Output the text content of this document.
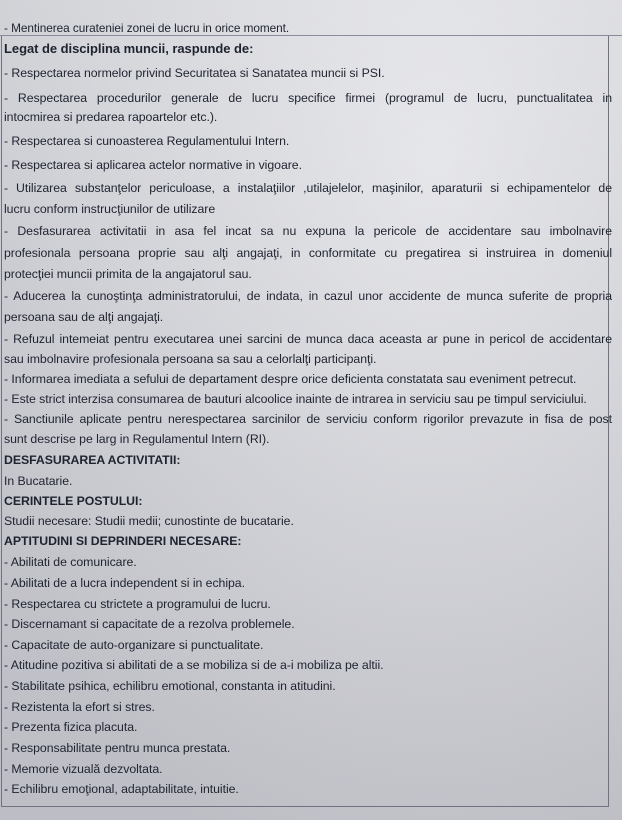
- Mentinerea curateniei zonei de lucru in orice moment.
Legat de disciplina muncii, raspunde de:
- Respectarea normelor privind Securitatea si Sanatatea muncii si PSI.
- Respectarea procedurilor generale de lucru specifice firmei (programul de lucru, punctualitatea in
intocmirea si predarea rapoartelor etc.).
- Respectarea si cunoasterea Regulamentului Intern.
- Respectarea si aplicarea actelor normative in vigoare.
- Utilizarea substanţelor periculoase, a instalaţiilor ,utilajelelor, maşinilor, aparaturii si echipamentelor de
lucru conform instrucţiunilor de utilizare
- Desfasurarea activitatii in asa fel incat sa nu expuna la pericole de accidentare sau imbolnavire
profesionala persoana proprie sau alţi angajaţi, in conformitate cu pregatirea si instruirea in domeniul
protecţiei muncii primita de la angajatorul sau.
- Aducerea la cunoştinţa administratorului, de indata, in cazul unor accidente de munca suferite de propria
persoana sau de alţi angajaţi.
- Refuzul intemeiat pentru executarea unei sarcini de munca daca aceasta ar pune in pericol de accidentare
sau imbolnavire profesionala persoana sa sau a celorlalţi participanţi.
- Informarea imediata a sefului de departament despre orice deficienta constatata sau eveniment petrecut.
- Este strict interzisa consumarea de bauturi alcoolice inainte de intrarea in serviciu sau pe timpul serviciului.
- Sanctiunile aplicate pentru nerespectarea sarcinilor de serviciu conform rigorilor prevazute in fisa de post
sunt descrise pe larg in Regulamentul Intern (RI).
DESFASURAREA ACTIVITATII:
In Bucatarie.
CERINTELE POSTULUI:
Studii necesare: Studii medii; cunostinte de bucatarie.
APTITUDINI SI DEPRINDERI NECESARE:
- Abilitati de comunicare.
- Abilitati de a lucra independent si in echipa.
- Respectarea cu strictete a programului de lucru.
- Discernamant si capacitate de a rezolva problemele.
- Capacitate de auto-organizare si punctualitate.
- Atitudine pozitiva si abilitati de a se mobiliza si de a-i mobiliza pe altii.
- Stabilitate psihica, echilibru emotional, constanta in atitudini.
- Rezistenta la efort si stres.
- Prezenta fizica placuta.
- Responsabilitate pentru munca prestata.
- Memorie vizuală dezvoltata.
- Echilibru emoţional, adaptabilitate, intuitie.
